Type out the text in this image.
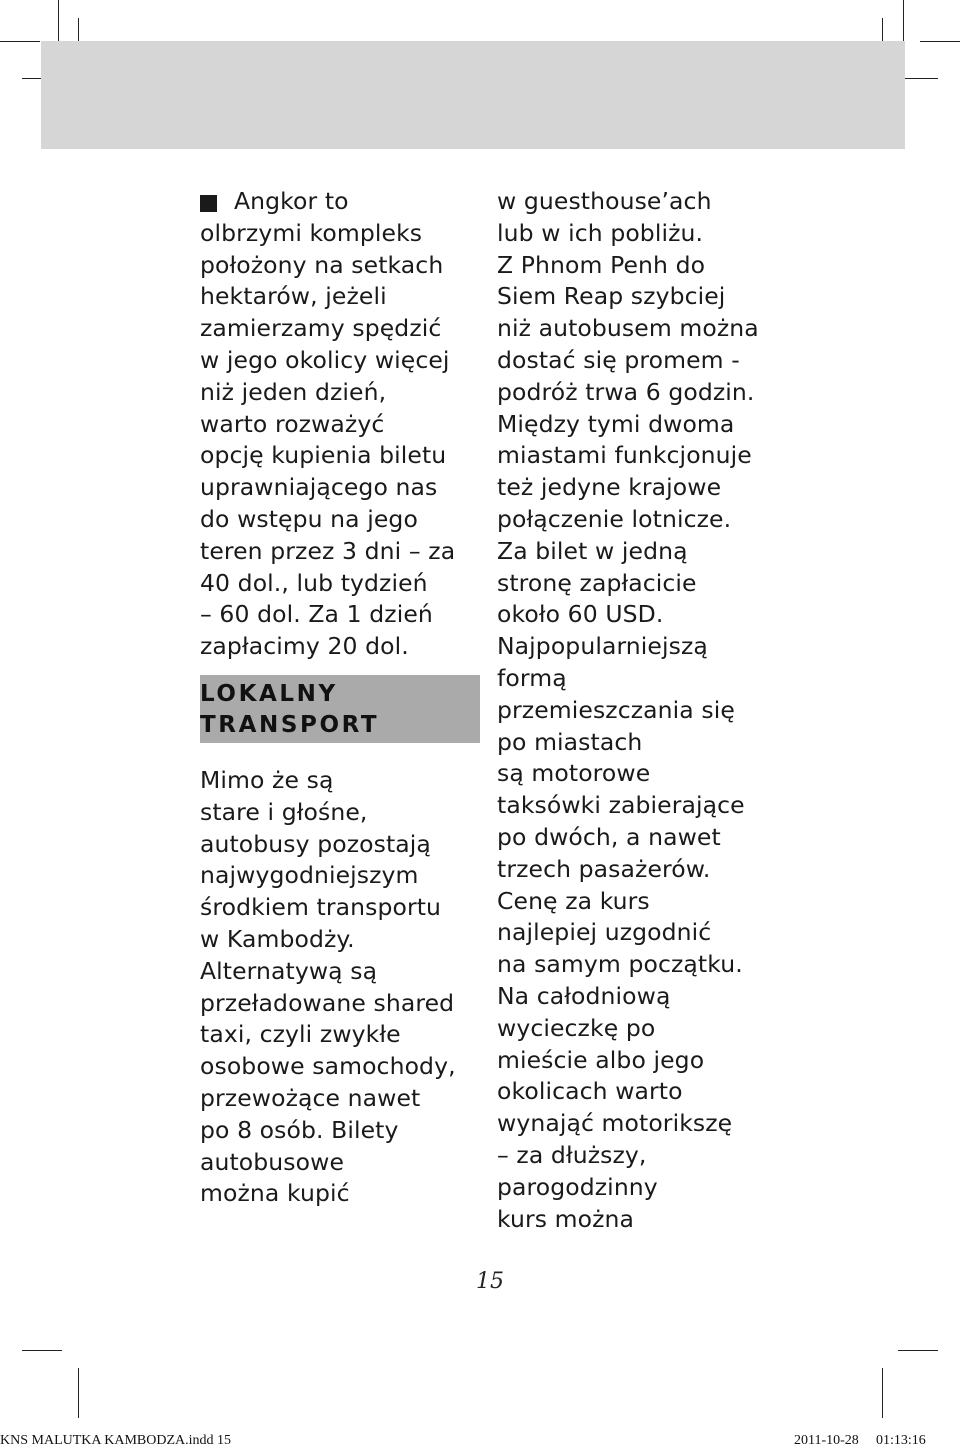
Angkor to
olbrzymi kompleks
położony na setkach
hektarów, jeżeli
zamierzamy spędzić
w jego okolicy więcej
niż jeden dzień,
warto rozważyć
opcję kupienia biletu
uprawniającego nas
do wstępu na jego
teren przez 3 dni – za
40 dol., lub tydzień
– 60 dol. Za 1 dzień
zapłacimy 20 dol.
LOKALNY
TRANSPORT
Mimo że są
stare i głośne,
autobusy pozostają
najwygodniejszym
środkiem transportu
w Kambodży.
Alternatywą są
przeładowane shared
taxi, czyli zwykłe
osobowe samochody,
przewożące nawet
po 8 osób. Bilety
autobusowe
można kupić
w guesthouse’ach
lub w ich pobliżu.
Z Phnom Penh do
Siem Reap szybciej
niż autobusem można
dostać się promem -
podróż trwa 6 godzin.
Między tymi dwoma
miastami funkcjonuje
też jedyne krajowe
połączenie lotnicze.
Za bilet w jedną
stronę zapłacicie
około 60 USD.
Najpopularniejszą
formą
przemieszczania się
po miastach
są motorowe
taksówki zabierające
po dwóch, a nawet
trzech pasażerów.
Cenę za kurs
najlepiej uzgodnić
na samym początku.
Na całodniową
wycieczkę po
mieście albo jego
okolicach warto
wynająć motorikszę
– za dłuższy,
parogodzinny
kurs można
15
KNS MALUTKA KAMBODZA.indd 15	2011-10-28 01:13:16
